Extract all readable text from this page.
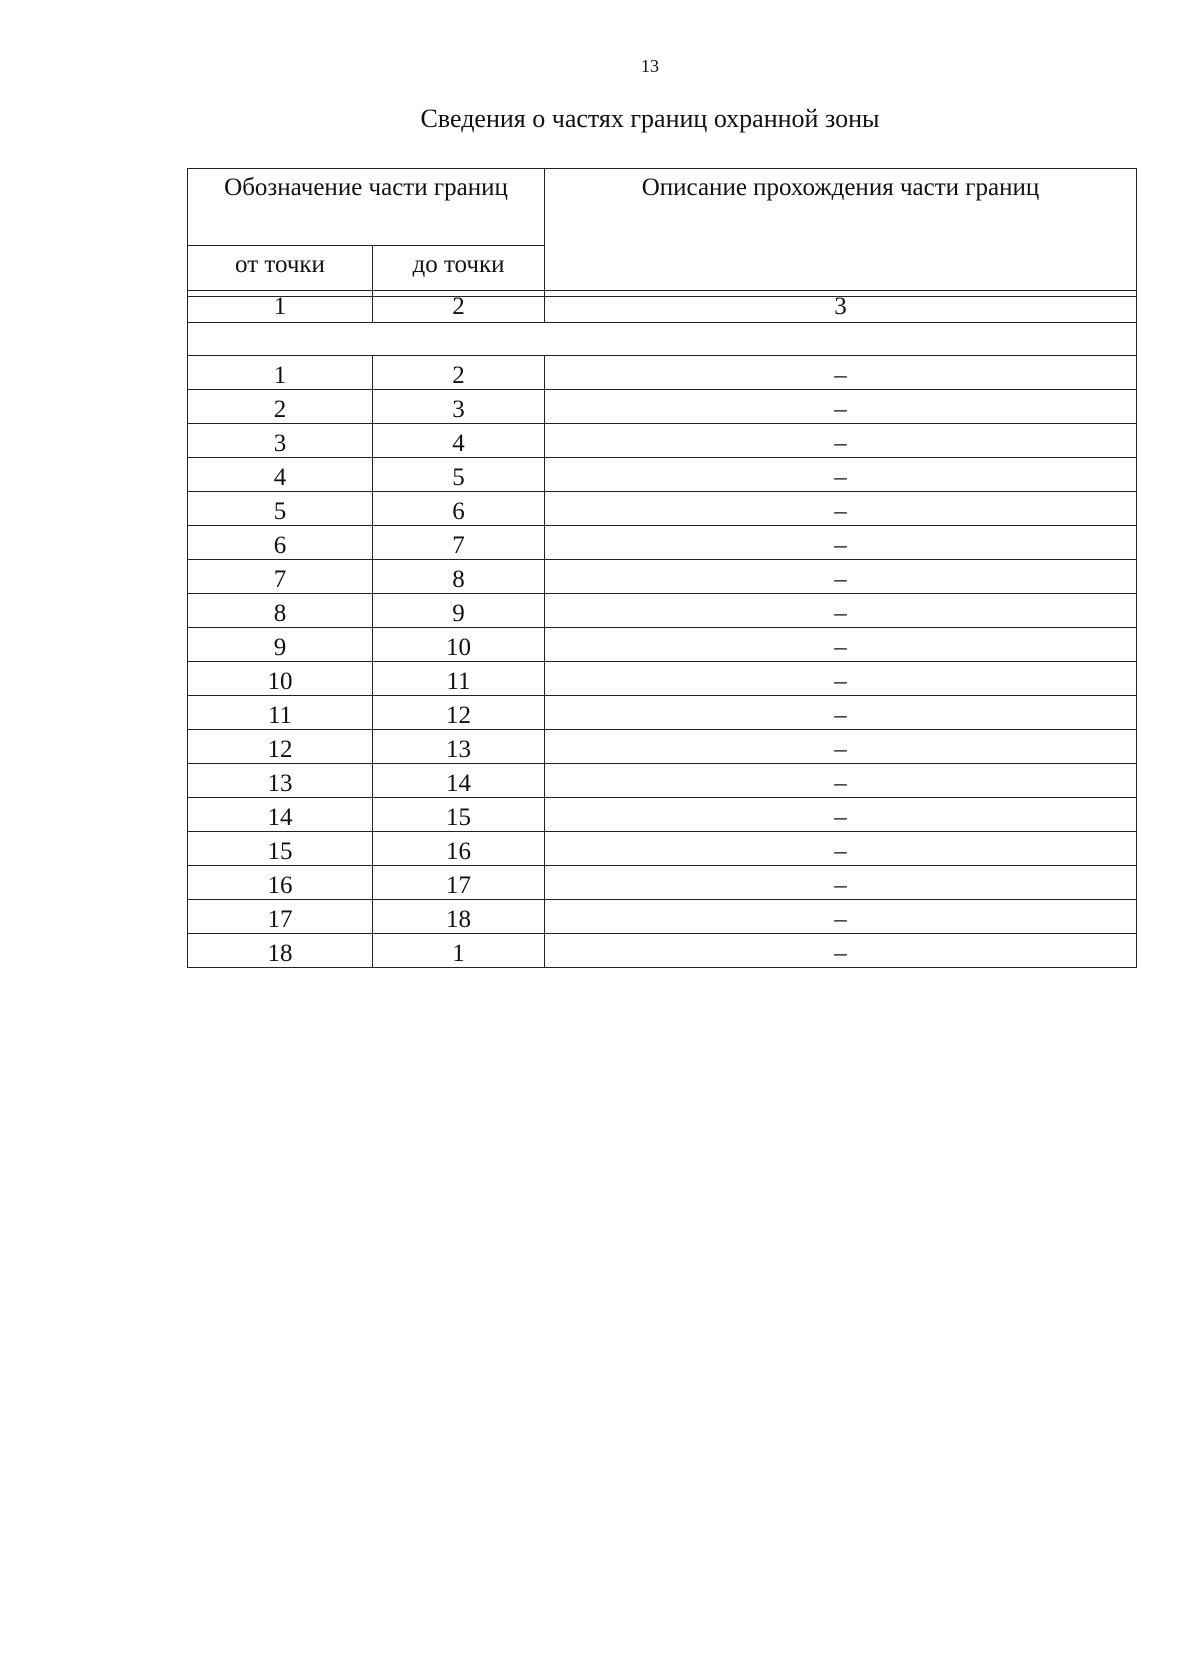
13
Сведения о частях границ охранной зоны
Обозначение части границ		Описание прохождения части границ
от точки	до точки	
1	2	3

1	2	–
2	3	–
3	4	–
4	5	–
5	6	–
6	7	–
7	8	–
8	9	–
9	10	–
10	11	–
11	12	–
12	13	–
13	14	–
14	15	–
15	16	–
16	17	–
17	18	–
18	1	–
